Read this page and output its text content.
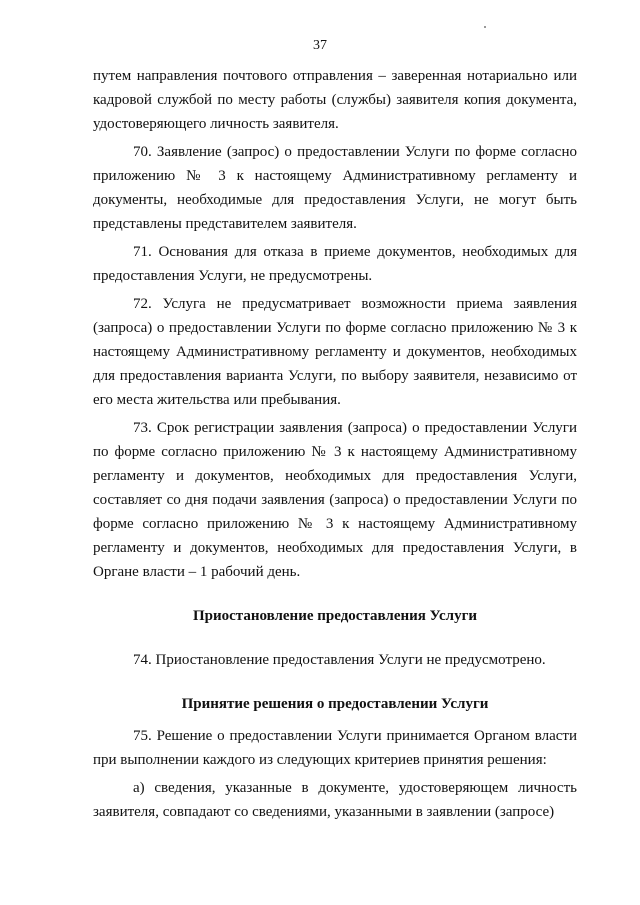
37

путем направления почтового отправления – заверенная нотариально или кадровой службой по месту работы (службы) заявителя копия документа, удостоверяющего личность заявителя.

70. Заявление (запрос) о предоставлении Услуги по форме согласно приложению № 3 к настоящему Административному регламенту и документы, необходимые для предоставления Услуги, не могут быть представлены представителем заявителя.

71. Основания для отказа в приеме документов, необходимых для предоставления Услуги, не предусмотрены.

72. Услуга не предусматривает возможности приема заявления (запроса) о предоставлении Услуги по форме согласно приложению № 3 к настоящему Административному регламенту и документов, необходимых для предоставления варианта Услуги, по выбору заявителя, независимо от его места жительства или пребывания.

73. Срок регистрации заявления (запроса) о предоставлении Услуги по форме согласно приложению № 3 к настоящему Административному регламенту и документов, необходимых для предоставления Услуги, составляет со дня подачи заявления (запроса) о предоставлении Услуги по форме согласно приложению № 3 к настоящему Административному регламенту и документов, необходимых для предоставления Услуги, в Органе власти – 1 рабочий день.

Приостановление предоставления Услуги

74. Приостановление предоставления Услуги не предусмотрено.

Принятие решения о предоставлении Услуги

75. Решение о предоставлении Услуги принимается Органом власти при выполнении каждого из следующих критериев принятия решения:

а) сведения, указанные в документе, удостоверяющем личность заявителя, совпадают со сведениями, указанными в заявлении (запросе)
